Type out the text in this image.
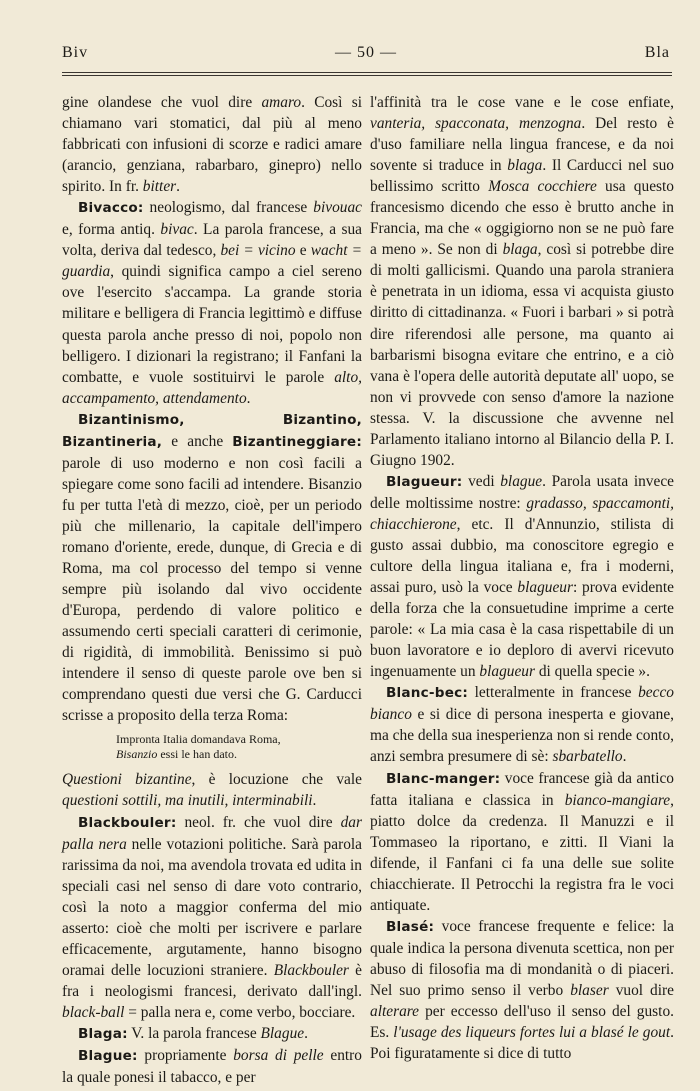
Biv	— 50 —	Bla

gine olandese che vuol dire amaro. Così si chiamano vari stomatici, dal più al meno fabbricati con infusioni di scorze e radici amare (arancio, genziana, rabarbaro, ginepro) nello spirito. In fr. bitter.

Bivacco: neologismo, dal francese bivouac e, forma antiq. bivac. La parola francese, a sua volta, deriva dal tedesco, bei = vicino e wacht = guardia, quindi significa campo a ciel sereno ove l'esercito s'accampa. La grande storia militare e belligera di Francia legittimò e diffuse questa parola anche presso di noi, popolo non belligero. I dizionari la registrano; il Fanfani la combatte, e vuole sostituirvi le parole alto, accampamento, attendamento.

Bizantinismo, Bizantino, Bizantineria, e anche Bizantineggiare: parole di uso moderno e non così facili a spiegare come sono facili ad intendere. Bisanzio fu per tutta l'età di mezzo, cioè, per un periodo più che millenario, la capitale dell'impero romano d'oriente, erede, dunque, di Grecia e di Roma, ma col processo del tempo si venne sempre più isolando dal vivo occidente d'Europa, perdendo di valore politico e assumendo certi speciali caratteri di cerimonie, di rigidità, di immobilità. Benissimo si può intendere il senso di queste parole ove ben si comprendano questi due versi che G. Carducci scrisse a proposito della terza Roma:

Impronta Italia domandava Roma,
Bisanzio essi le han dato.

Questioni bizantine, è locuzione che vale questioni sottili, ma inutili, interminabili.

Blackbouler: neol. fr. che vuol dire dar palla nera nelle votazioni politiche. Sarà parola rarissima da noi, ma avendola trovata ed udita in speciali casi nel senso di dare voto contrario, così la noto a maggior conferma del mio asserto: cioè che molti per iscrivere e parlare efficacemente, argutamente, hanno bisogno oramai delle locuzioni straniere. Blackbouler è fra i neologismi francesi, derivato dall'ingl. black-ball = palla nera e, come verbo, bocciare.

Blaga: V. la parola francese Blague.

Blague: propriamente borsa di pelle entro la quale ponesi il tabacco, e per

l'affinità tra le cose vane e le cose enfiate, vanteria, spacconata, menzogna. Del resto è d'uso familiare nella lingua francese, e da noi sovente si traduce in blaga. Il Carducci nel suo bellissimo scritto Mosca cocchiere usa questo francesismo dicendo che esso è brutto anche in Francia, ma che « oggigiorno non se ne può fare a meno ». Se non di blaga, così si potrebbe dire di molti gallicismi. Quando una parola straniera è penetrata in un idioma, essa vi acquista giusto diritto di cittadinanza. « Fuori i barbari » si potrà dire riferendosi alle persone, ma quanto ai barbarismi bisogna evitare che entrino, e a ciò vana è l'opera delle autorità deputate all' uopo, se non vi provvede con senso d'amore la nazione stessa. V. la discussione che avvenne nel Parlamento italiano intorno al Bilancio della P. I. Giugno 1902.

Blagueur: vedi blague. Parola usata invece delle moltissime nostre: gradasso, spaccamonti, chiacchierone, etc. Il d'Annunzio, stilista di gusto assai dubbio, ma conoscitore egregio e cultore della lingua italiana e, fra i moderni, assai puro, usò la voce blagueur: prova evidente della forza che la consuetudine imprime a certe parole: « La mia casa è la casa rispettabile di un buon lavoratore e io deploro di avervi ricevuto ingenuamente un blagueur di quella specie ».

Blanc-bec: letteralmente in francese becco bianco e si dice di persona inesperta e giovane, ma che della sua inesperienza non si rende conto, anzi sembra presumere di sè: sbarbatello.

Blanc-manger: voce francese già da antico fatta italiana e classica in bianco-mangiare, piatto dolce da credenza. Il Manuzzi e il Tommaseo la riportano, e zitti. Il Viani la difende, il Fanfani ci fa una delle sue solite chiacchierate. Il Petrocchi la registra fra le voci antiquate.

Blasé: voce francese frequente e felice: la quale indica la persona divenuta scettica, non per abuso di filosofia ma di mondanità o di piaceri. Nel suo primo senso il verbo blaser vuol dire alterare per eccesso dell'uso il senso del gusto. Es. l'usage des liqueurs fortes lui a blasé le gout. Poi figuratamente si dice di tutto
